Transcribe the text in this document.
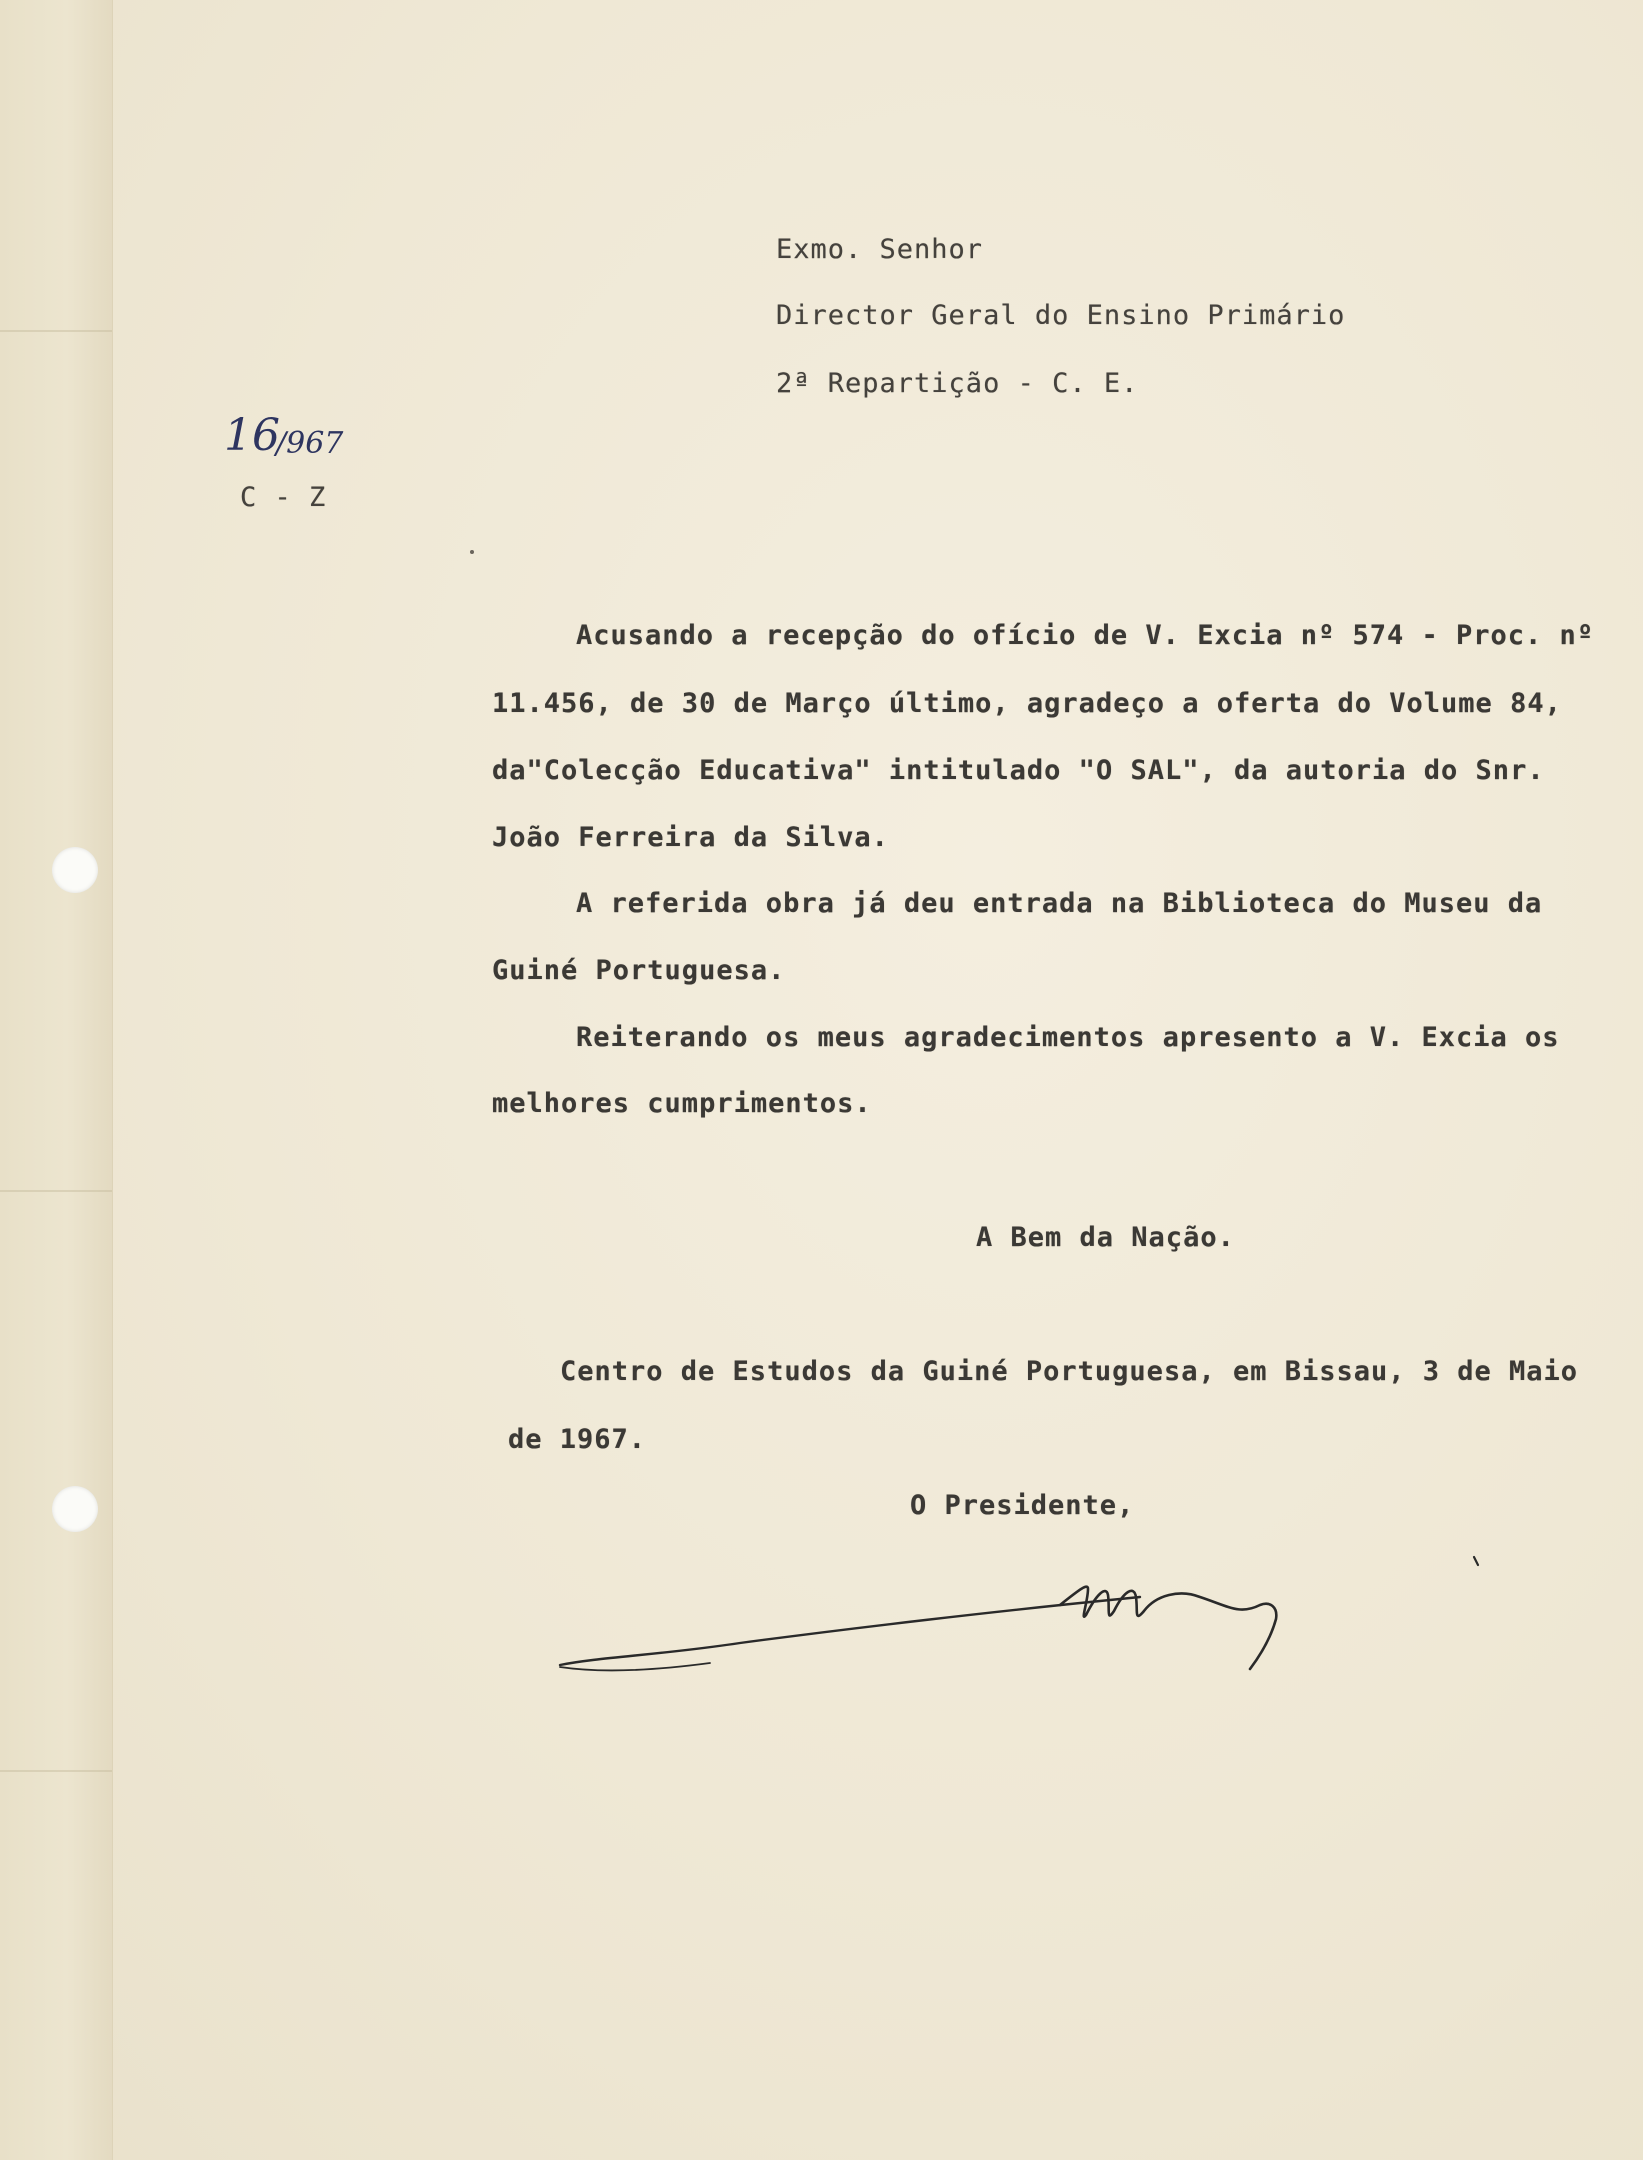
Exmo. Senhor
Director Geral do Ensino Primário
2ª Repartição - C. E.
16
/967
C - Z
Acusando a recepção do ofício de V. Excia nº 574 - Proc. nº
11.456, de 30 de Março último, agradeço a oferta do Volume 84,
da"Colecção Educativa" intitulado "O SAL", da autoria do Snr.
João Ferreira da Silva.
A referida obra já deu entrada na Biblioteca do Museu da
Guiné Portuguesa.
Reiterando os meus agradecimentos apresento a V. Excia os
melhores cumprimentos.
A Bem da Nação.
Centro de Estudos da Guiné Portuguesa, em Bissau, 3 de Maio
de 1967.
O Presidente,
